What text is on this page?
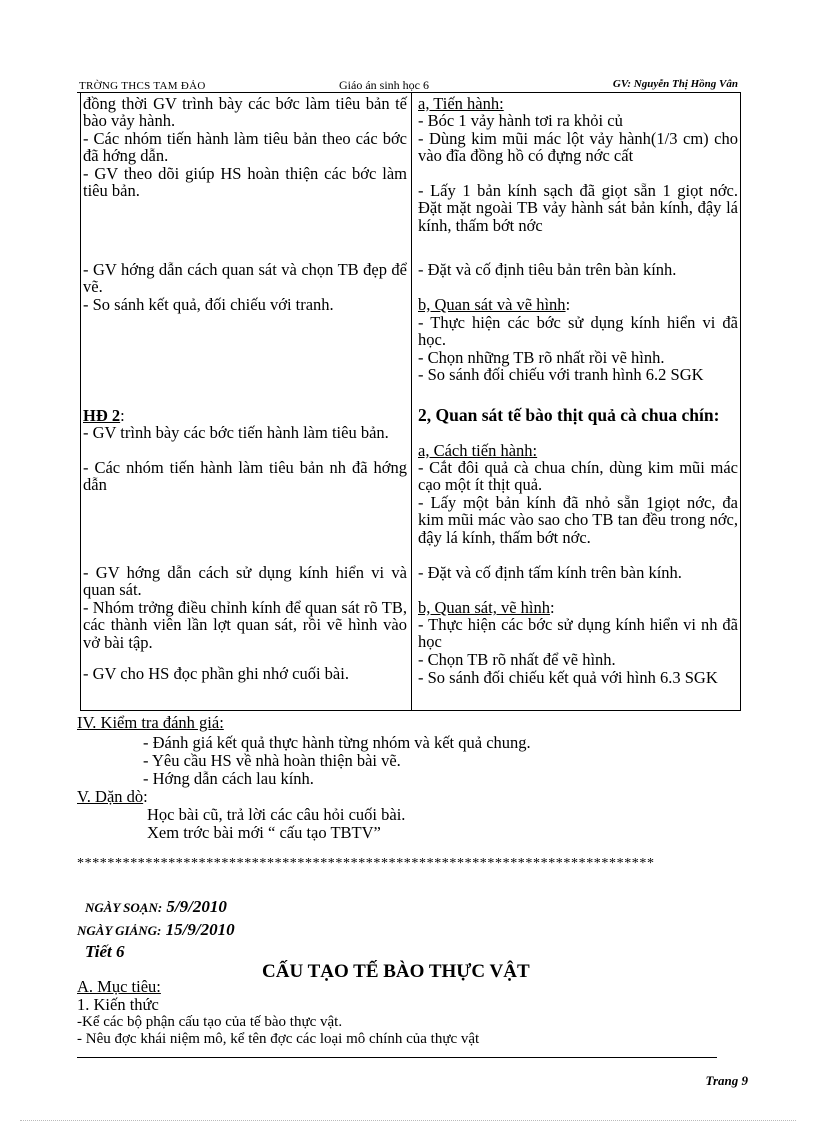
TRỜNG THCS TAM ĐẢO	Giáo án sinh học 6	GV: Nguyễn Thị Hồng Vân
đồng thời GV trình bày các bớc làm tiêu bản tế bào vảy hành.
- Các nhóm tiến hành làm tiêu bản theo các bớc đã hớng dẫn.
- GV theo dõi giúp HS hoàn thiện các bớc làm tiêu bản.
- GV hớng dẫn cách quan sát và chọn TB đẹp để vẽ.
- So sánh kết quả, đối chiếu với tranh.
HĐ 2:
- GV trình bày các bớc tiến hành làm tiêu bản.
- Các nhóm tiến hành làm tiêu bản nh đã hớng dẫn
- GV hớng dẫn cách sử dụng kính hiển vi và quan sát.
- Nhóm trởng điều chỉnh kính để quan sát rõ TB, các thành viên lần lợt quan sát, rồi vẽ hình vào vở bài tập.
- GV cho HS đọc phần ghi nhớ cuối bài.
a, Tiến hành:
- Bóc 1 vảy hành tơi ra khỏi củ
- Dùng kim mũi mác lột vảy hành(1/3 cm) cho vào đĩa đồng hồ có đựng nớc cất
- Lấy 1 bản kính sạch đã giọt sẵn 1 giọt nớc. Đặt mặt ngoài TB vảy hành sát bản kính, đậy lá kính, thấm bớt nớc
- Đặt và cố định tiêu bản trên bàn kính.
b, Quan sát và vẽ hình:
- Thực hiện các bớc sử dụng kính hiển vi đã học.
- Chọn những TB rõ nhất rồi vẽ hình.
- So sánh đối chiếu với tranh hình 6.2 SGK
2, Quan sát tế bào thịt quả cà chua chín:
a, Cách tiến hành:
- Cắt đôi quả cà chua chín, dùng kim mũi mác cạo một ít thịt quả.
- Lấy một bản kính đã nhỏ sẵn 1giọt nớc, đa kim mũi mác vào sao cho TB tan đều trong nớc, đậy lá kính, thấm bớt nớc.
- Đặt và cố định tấm kính trên bàn kính.
b, Quan sát, vẽ hình:
- Thực hiện các bớc sử dụng kính hiển vi nh đã học
- Chọn TB rõ nhất để vẽ hình.
- So sánh đối chiếu kết quả với hình 6.3 SGK
IV. Kiểm tra đánh giá:
- Đánh giá kết quả thực hành từng nhóm và kết quả chung.
- Yêu cầu HS về nhà hoàn thiện bài vẽ.
- Hớng dẫn cách lau kính.
V. Dặn dò:
Học bài cũ, trả lời các câu hỏi cuối bài.
Xem trớc bài mới “ cấu tạo TBTV”
****************************************************************************
NGÀY SOẠN: 5/9/2010
NGÀY GIẢNG: 15/9/2010
Tiết 6
CẤU TẠO TẾ BÀO THỰC VẬT
A. Mục tiêu:
1. Kiến thức
-Kể các bộ phận cấu tạo của tế bào thực vật.
- Nêu đợc khái niệm mô, kể tên đợc các loại mô chính của thực vật
Trang 9
